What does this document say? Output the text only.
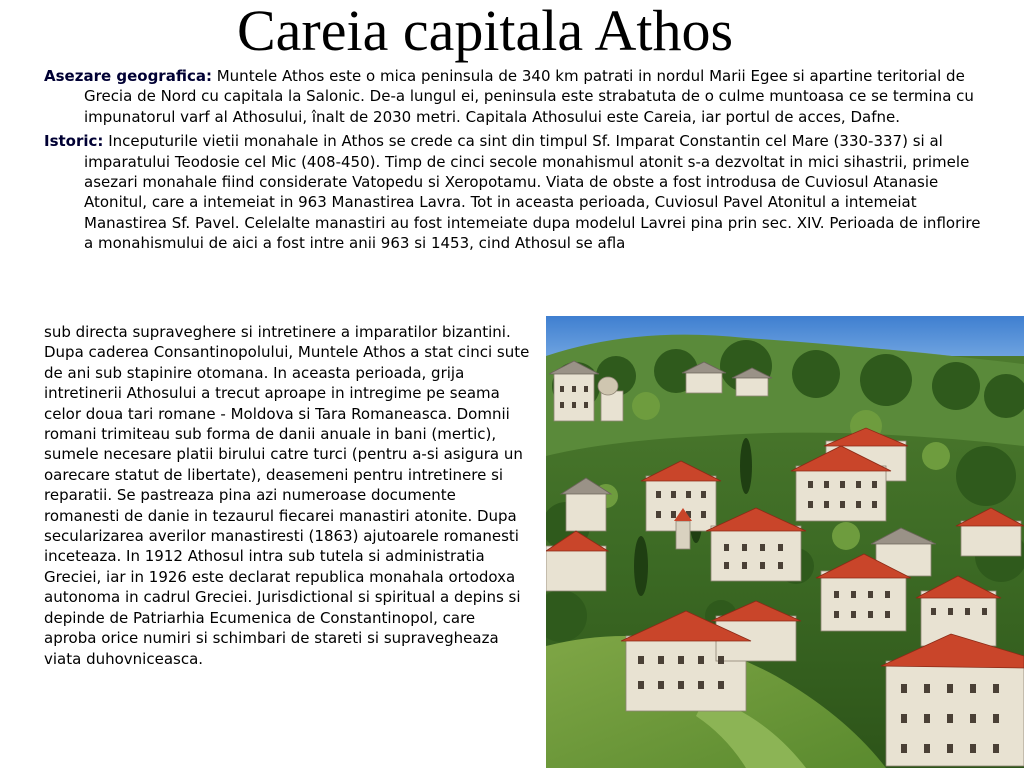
Careia capitala Athos

Asezare geografica: Muntele Athos este o mica peninsula de 340 km patrati in nordul Marii Egee si apartine teritorial de Grecia de Nord cu capitala la Salonic. De-a lungul ei, peninsula este strabatuta de o culme muntoasa ce se termina cu impunatorul varf al Athosului, înalt de 2030 metri. Capitala Athosului este Careia, iar portul de acces, Dafne.

Istoric: Inceputurile vietii monahale in Athos se crede ca sint din timpul Sf. Imparat Constantin cel Mare (330-337) si al imparatului Teodosie cel Mic (408-450). Timp de cinci secole monahismul atonit s-a dezvoltat in mici sihastrii, primele asezari monahale fiind considerate Vatopedu si Xeropotamu. Viata de obste a fost introdusa de Cuviosul Atanasie Atonitul, care a intemeiat in 963 Manastirea Lavra. Tot in aceasta perioada, Cuviosul Pavel Atonitul a intemeiat Manastirea Sf. Pavel. Celelalte manastiri au fost intemeiate dupa modelul Lavrei pina prin sec. XIV. Perioada de inflorire a monahismului de aici a fost intre anii 963 si 1453, cind Athosul se afla

sub directa supraveghere si intretinere a imparatilor bizantini. Dupa caderea Consantinopolului, Muntele Athos a stat cinci sute de ani sub stapinire otomana. In aceasta perioada, grija intretinerii Athosului a trecut aproape in intregime pe seama celor doua tari romane - Moldova si Tara Romaneasca. Domnii romani trimiteau sub forma de danii anuale in bani (mertic), sumele necesare platii birului catre turci (pentru a-si asigura un oarecare statut de libertate), deasemeni pentru intretinere si reparatii. Se pastreaza pina azi numeroase documente romanesti de danie in tezaurul fiecarei manastiri atonite. Dupa secularizarea averilor manastiresti (1863) ajutoarele romanesti inceteaza. In 1912 Athosul intra sub tutela si administratia Greciei, iar in 1926 este declarat republica monahala ortodoxa autonoma in cadrul Greciei. Jurisdictional si spiritual a depins si depinde de Patriarhia Ecumenica de Constantinopol, care aproba orice numiri si schimbari de stareti si supravegheaza viata duhovniceasca.
